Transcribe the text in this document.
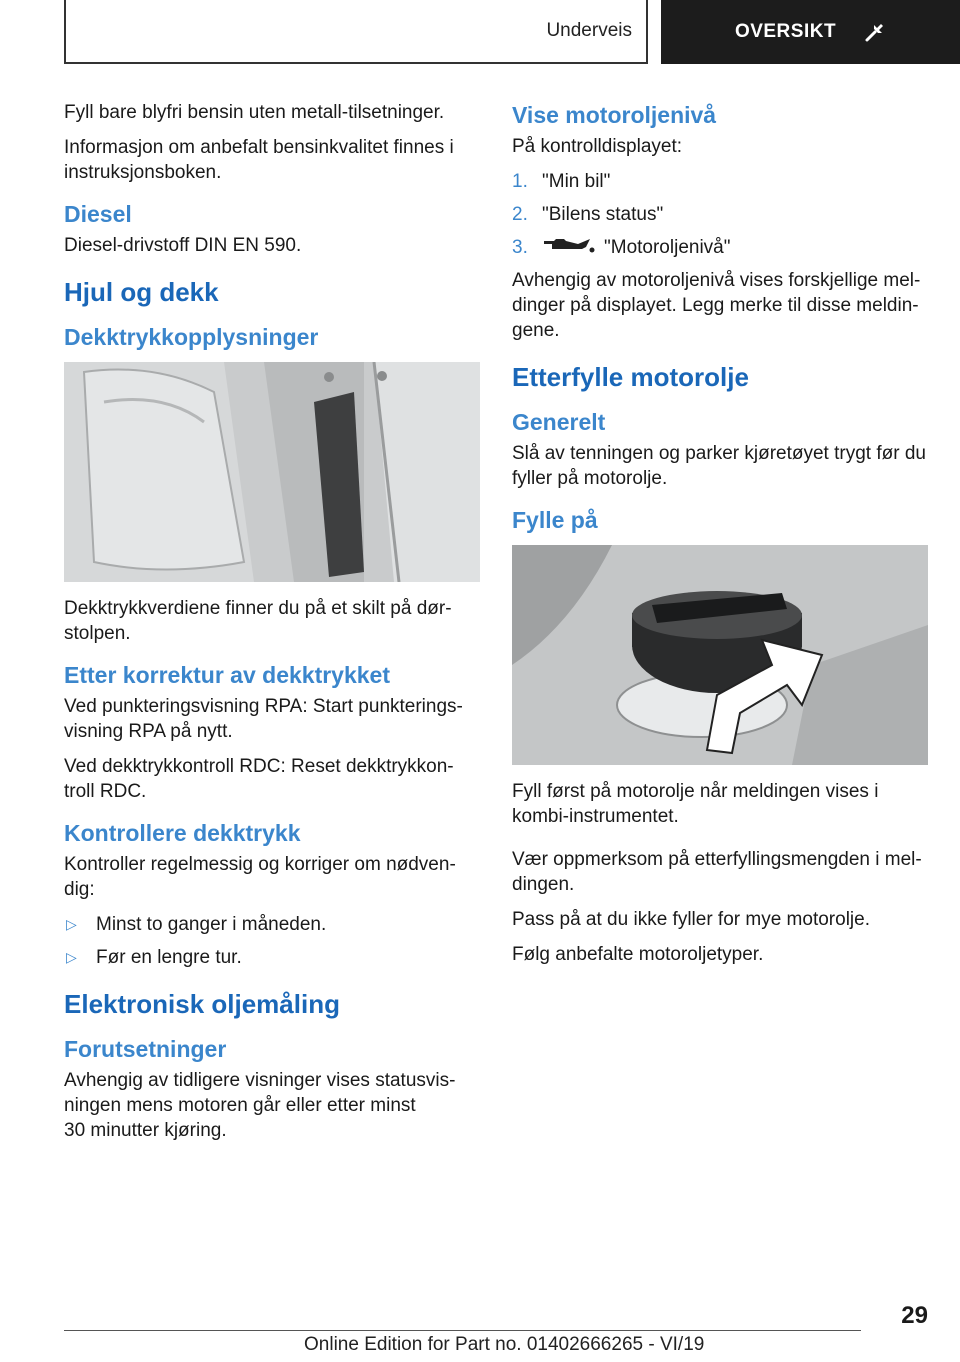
Underveis	OVERSIKT

Fyll bare blyfri bensin uten metall-tilsetninger.

Informasjon om anbefalt bensinkvalitet finnes i
instruksjonsboken.

Diesel

Diesel-drivstoff DIN EN 590.

Hjul og dekk
Dekktrykkopplysninger

Dekktrykkverdiene finner du på et skilt på dør-
stolpen.

Etter korrektur av dekktrykket

Ved punkteringsvisning RPA: Start punkterings-
visning RPA på nytt.

Ved dekktrykkontroll RDC: Reset dekktrykkon-
troll RDC.

Kontrollere dekktrykk

Kontroller regelmessig og korriger om nødven-
dig:

▷	Minst to ganger i måneden.
▷	Før en lengre tur.
Elektronisk oljemåling
Forutsetninger

Avhengig av tidligere visninger vises statusvis-
ningen mens motoren går eller etter minst
30 minutter kjøring.

Vise motoroljenivå

På kontrolldisplayet:

1. "Min bil"
2. "Bilens status"
3.	"Motoroljenivå"

Avhengig av motoroljenivå vises forskjellige mel-
dinger på displayet. Legg merke til disse meldin-
gene.

Etterfylle motorolje
Generelt

Slå av tenningen og parker kjøretøyet trygt før du
fyller på motorolje.

Fylle på

Fyll først på motorolje når meldingen vises i
kombi-instrumentet.

Vær oppmerksom på etterfyllingsmengden i mel-
dingen.

Pass på at du ikke fyller for mye motorolje.

Følg anbefalte motoroljetyper.

29
Online Edition for Part no. 01402666265 - VI/19
